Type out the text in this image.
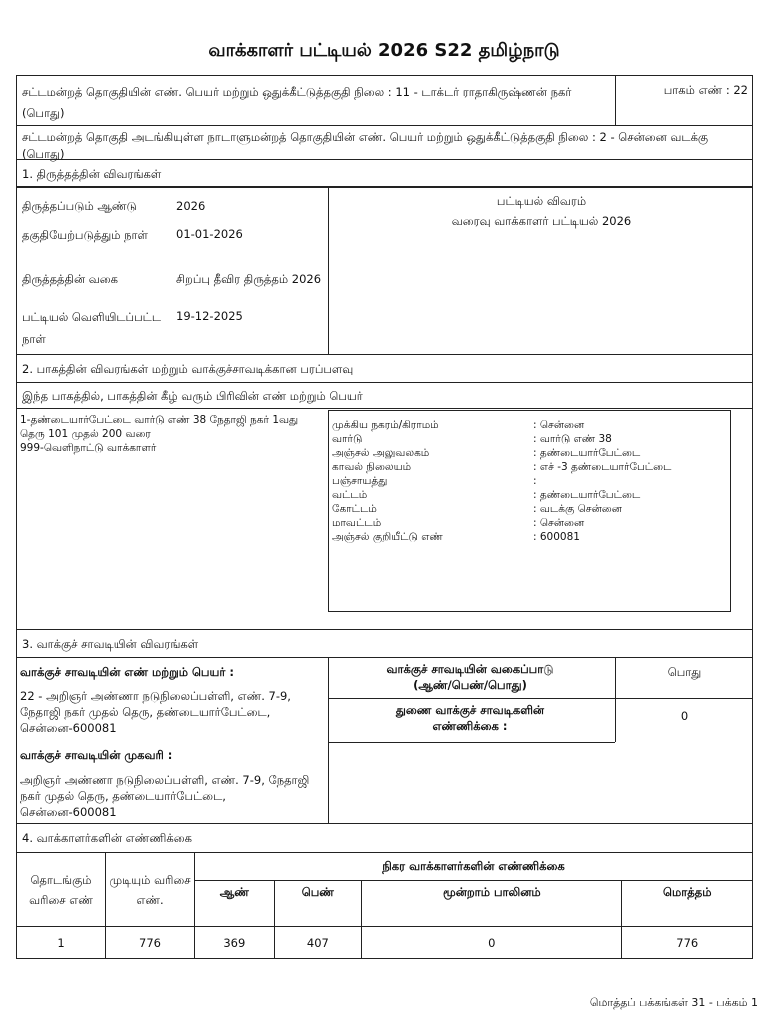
வாக்காளர் பட்டியல் 2026 S22 தமிழ்நாடு
சட்டமன்றத் தொகுதியின் எண். பெயர் மற்றும் ஒதுக்கீட்டுத்தகுதி நிலை : 11 - டாக்டர் ராதாகிருஷ்ணன் நகர் (பொது)
பாகம் எண் : 22
சட்டமன்றத் தொகுதி அடங்கியுள்ள நாடாளுமன்றத் தொகுதியின் எண். பெயர் மற்றும் ஒதுக்கீட்டுத்தகுதி நிலை : 2 - சென்னை வடக்கு (பொது)
1. திருத்தத்தின் விவரங்கள்
திருத்தப்படும் ஆண்டு	2026
தகுதியேற்படுத்தும் நாள்	01-01-2026
திருத்தத்தின் வகை	சிறப்பு தீவிர திருத்தம் 2026
பட்டியல் வெளியிடப்பட்ட நாள்
19-12-2025
பட்டியல் விவரம்
வரைவு வாக்காளர் பட்டியல் 2026
2. பாகத்தின் விவரங்கள் மற்றும் வாக்குச்சாவடிக்கான பரப்பளவு
இந்த பாகத்தில், பாகத்தின் கீழ் வரும் பிரிவின் எண் மற்றும் பெயர்
1-தண்டையார்பேட்டை வார்டு எண் 38 நேதாஜி நகர் 1வது தெரு 101 முதல் 200 வரை
999-வெளிநாட்டு வாக்காளர்
முக்கிய நகரம்/கிராமம்	: சென்னை
வார்டு	: வார்டு எண் 38
அஞ்சல் அலுவலகம்	: தண்டையார்பேட்டை
காவல் நிலையம்	: எச் -3 தண்டையார்பேட்டை
பஞ்சாயத்து	:
வட்டம்	: தண்டையார்பேட்டை
கோட்டம்	: வடக்கு சென்னை
மாவட்டம்	: சென்னை
அஞ்சல் குறியீட்டு எண்	: 600081
3. வாக்குச் சாவடியின் விவரங்கள்
வாக்குச் சாவடியின் எண் மற்றும் பெயர் :
22 - அறிஞர் அண்ணா நடுநிலைப்பள்ளி, எண். 7-9, நேதாஜி நகர் முதல் தெரு, தண்டையார்பேட்டை, சென்னை-600081
வாக்குச் சாவடியின் முகவரி :
அறிஞர் அண்ணா நடுநிலைப்பள்ளி, எண். 7-9, நேதாஜி நகர் முதல் தெரு, தண்டையார்பேட்டை, சென்னை-600081
வாக்குச் சாவடியின் வகைப்பாடு (ஆண்/பெண்/பொது)
பொது
துணை வாக்குச் சாவடிகளின் எண்ணிக்கை :
0
4. வாக்காளர்களின் எண்ணிக்கை
தொடங்கும் வரிசை எண்	முடியும் வரிசை எண்.	நிகர வாக்காளர்களின் எண்ணிக்கை			
		ஆண்	பெண்	மூன்றாம் பாலினம்	மொத்தம்
1	776	369	407	0	776
மொத்தப் பக்கங்கள் 31 - பக்கம் 1
